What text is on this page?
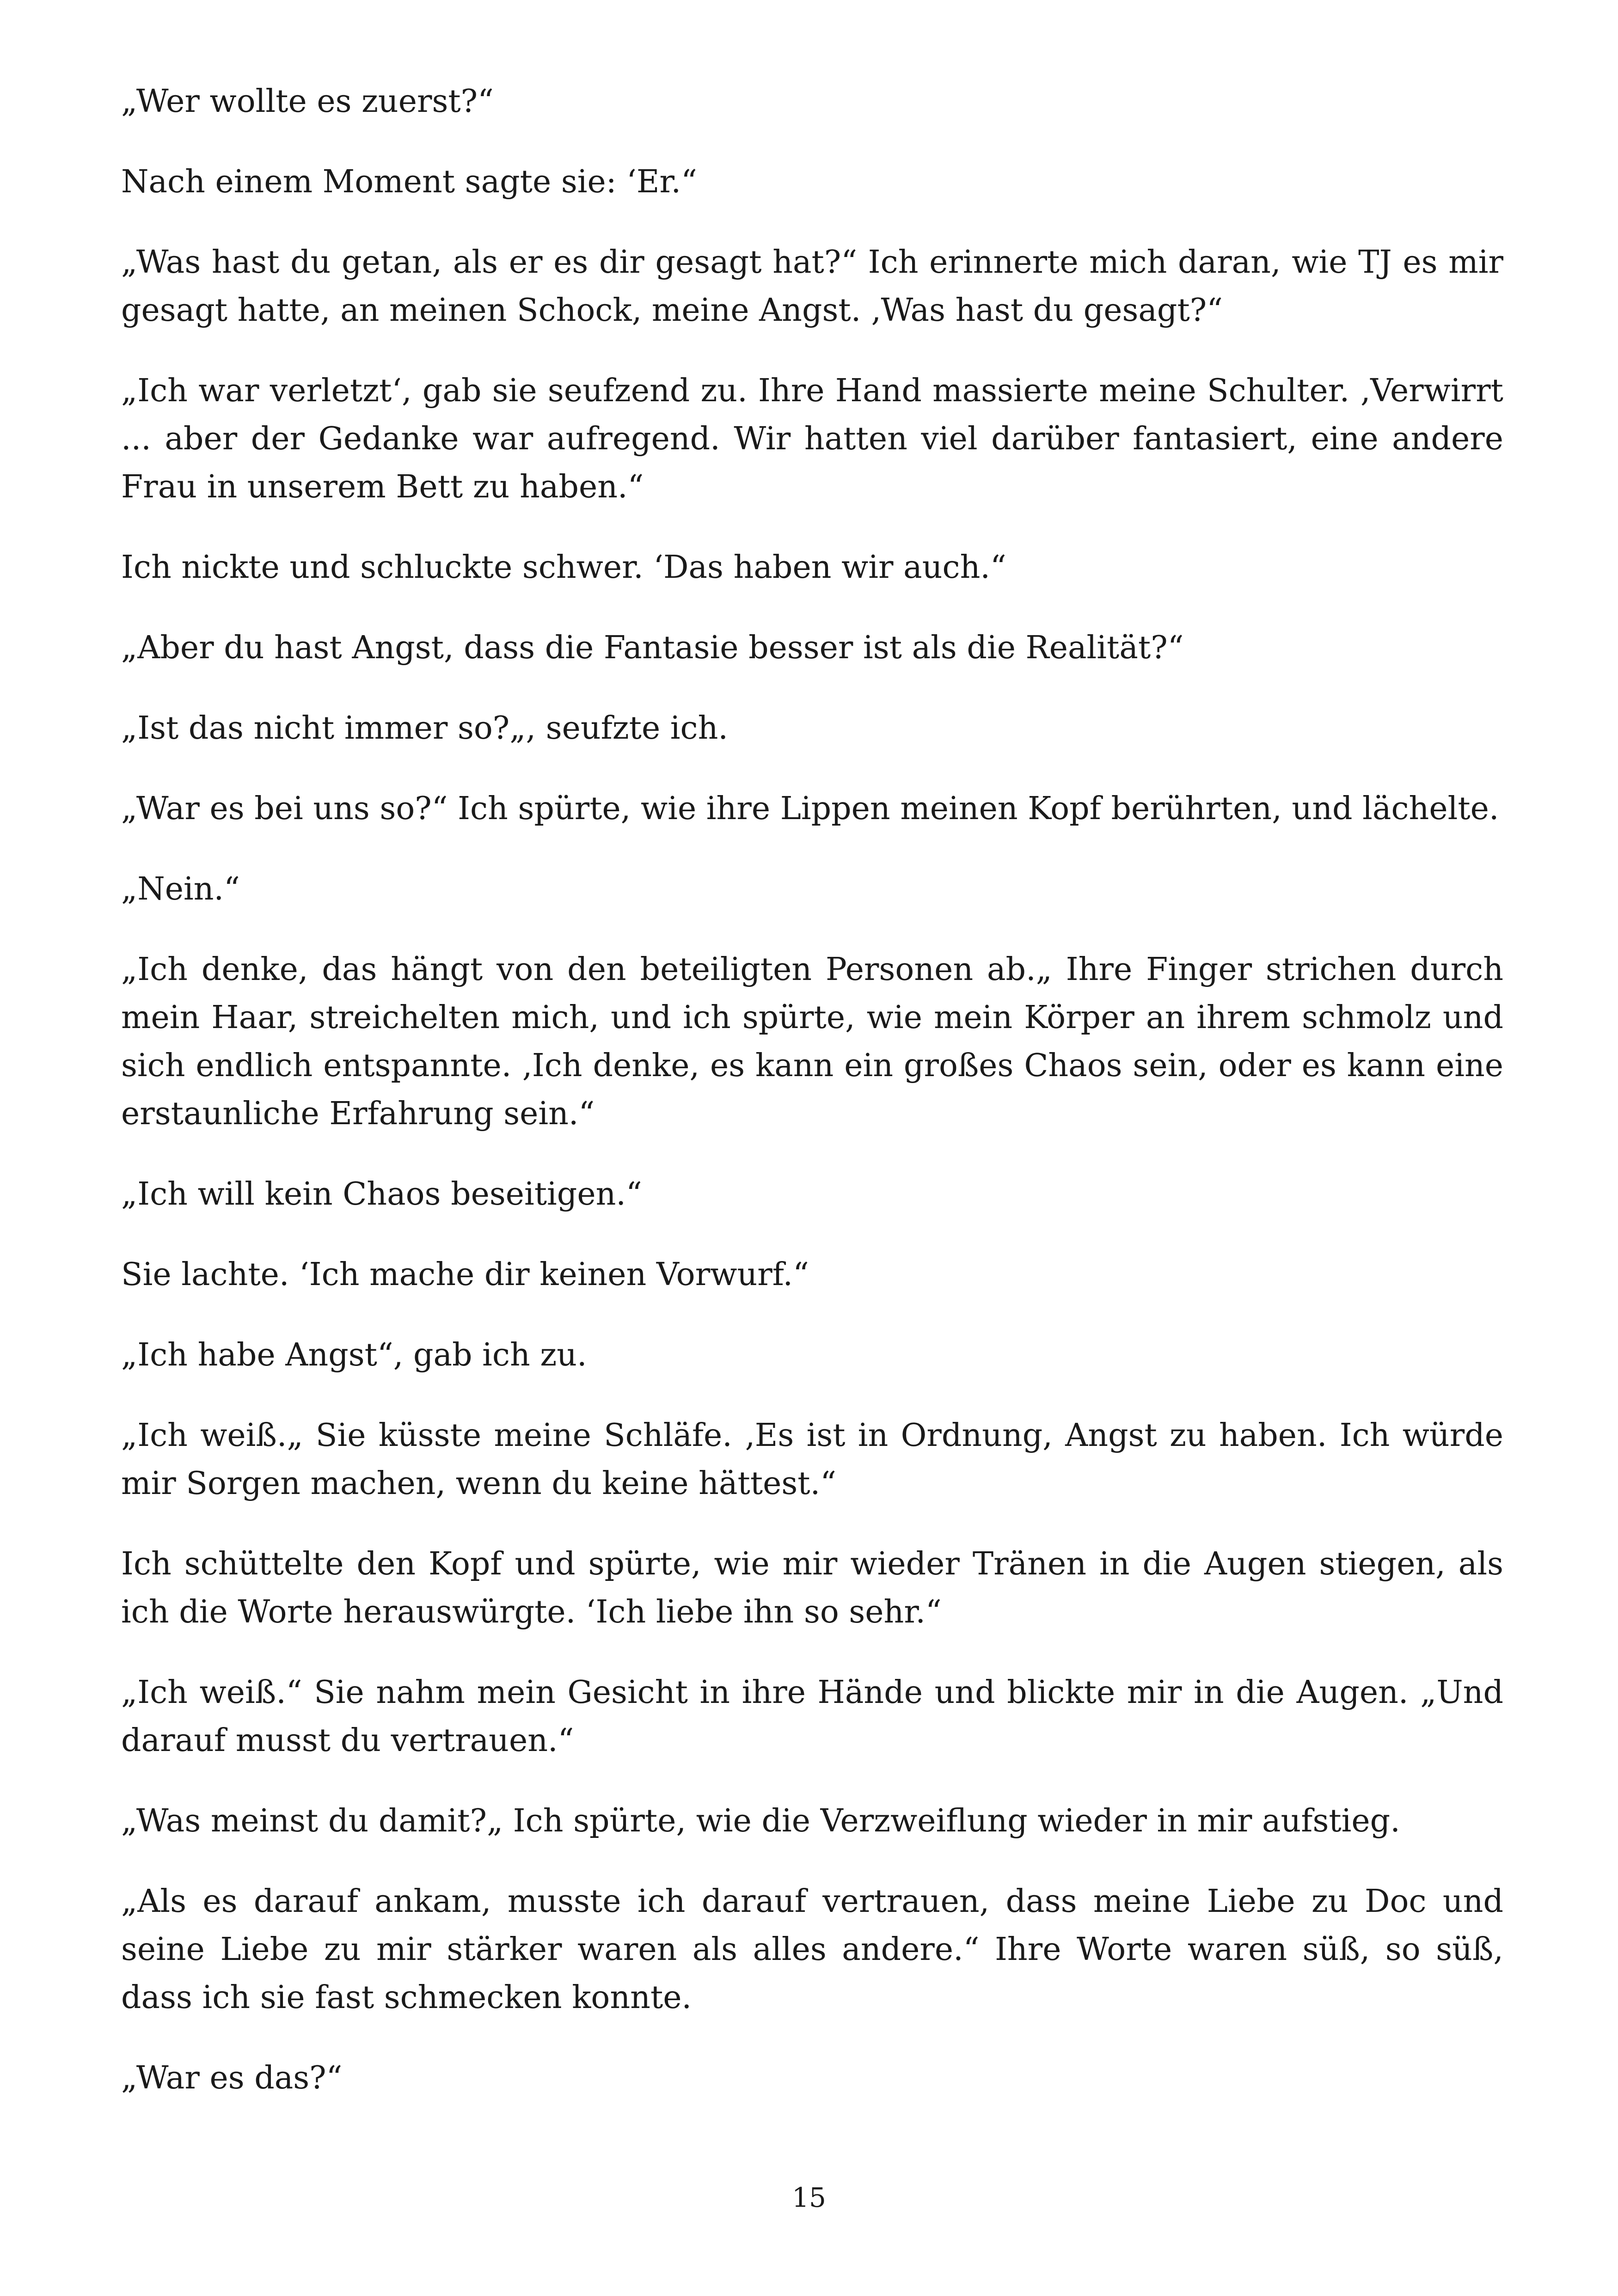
„Wer wollte es zuerst?“

Nach einem Moment sagte sie: ‘Er.“

„Was hast du getan, als er es dir gesagt hat?“ Ich erinnerte mich daran, wie TJ es mir gesagt hatte, an meinen Schock, meine Angst. ‚Was hast du gesagt?“

„Ich war verletzt‘, gab sie seufzend zu. Ihre Hand massierte meine Schulter. ‚Verwirrt ... aber der Gedanke war aufregend. Wir hatten viel darüber fantasiert, eine andere Frau in unserem Bett zu haben.“

Ich nickte und schluckte schwer. ‘Das haben wir auch.“

„Aber du hast Angst, dass die Fantasie besser ist als die Realität?“

„Ist das nicht immer so?„, seufzte ich.

„War es bei uns so?“ Ich spürte, wie ihre Lippen meinen Kopf berührten, und lächelte.

„Nein.“

„Ich denke, das hängt von den beteiligten Personen ab.„ Ihre Finger strichen durch mein Haar, streichelten mich, und ich spürte, wie mein Körper an ihrem schmolz und sich endlich entspannte. ‚Ich denke, es kann ein großes Chaos sein, oder es kann eine erstaunliche Erfahrung sein.“

„Ich will kein Chaos beseitigen.“

Sie lachte. ‘Ich mache dir keinen Vorwurf.“

„Ich habe Angst“, gab ich zu.

„Ich weiß.„ Sie küsste meine Schläfe. ‚Es ist in Ordnung, Angst zu haben. Ich würde mir Sorgen machen, wenn du keine hättest.“

Ich schüttelte den Kopf und spürte, wie mir wieder Tränen in die Augen stiegen, als ich die Worte herauswürgte. ‘Ich liebe ihn so sehr.“

„Ich weiß.“ Sie nahm mein Gesicht in ihre Hände und blickte mir in die Augen. „Und darauf musst du vertrauen.“

„Was meinst du damit?„ Ich spürte, wie die Verzweiflung wieder in mir aufstieg.

„Als es darauf ankam, musste ich darauf vertrauen, dass meine Liebe zu Doc und seine Liebe zu mir stärker waren als alles andere.“ Ihre Worte waren süß, so süß, dass ich sie fast schmecken konnte.

„War es das?“

15
